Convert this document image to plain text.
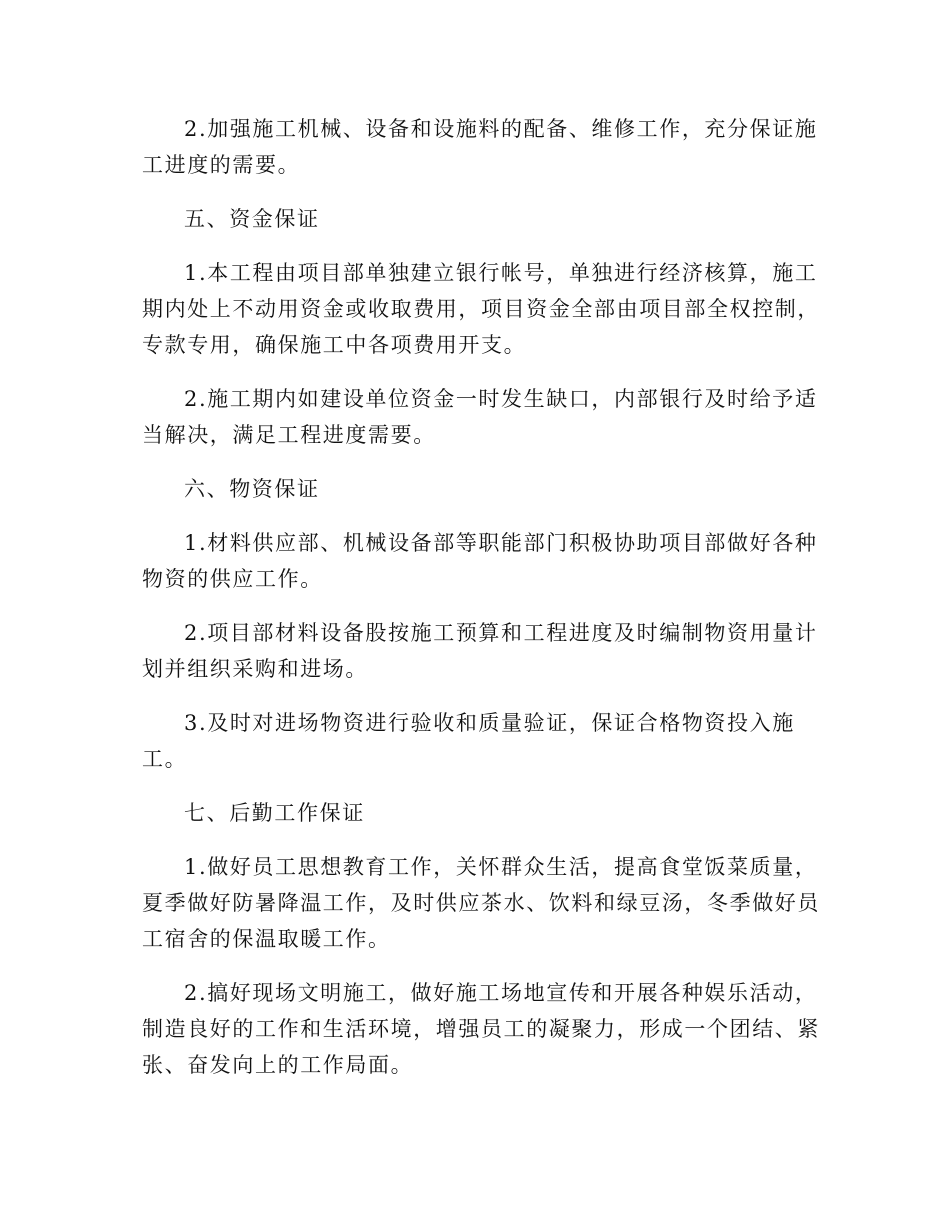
2.加强施工机械、设备和设施料的配备、维修工作，充分保证施
工进度的需要。
五、资金保证
1.本工程由项目部单独建立银行帐号，单独进行经济核算，施工
期内处上不动用资金或收取费用，项目资金全部由项目部全权控制，
专款专用，确保施工中各项费用开支。
2.施工期内如建设单位资金一时发生缺口，内部银行及时给予适
当解决，满足工程进度需要。
六、物资保证
1.材料供应部、机械设备部等职能部门积极协助项目部做好各种
物资的供应工作。
2.项目部材料设备股按施工预算和工程进度及时编制物资用量计
划并组织采购和进场。
3.及时对进场物资进行验收和质量验证，保证合格物资投入施
工。
七、后勤工作保证
1.做好员工思想教育工作，关怀群众生活，提高食堂饭菜质量，
夏季做好防暑降温工作，及时供应茶水、饮料和绿豆汤，冬季做好员
工宿舍的保温取暖工作。
2.搞好现场文明施工，做好施工场地宣传和开展各种娱乐活动，
制造良好的工作和生活环境，增强员工的凝聚力，形成一个团结、紧
张、奋发向上的工作局面。
